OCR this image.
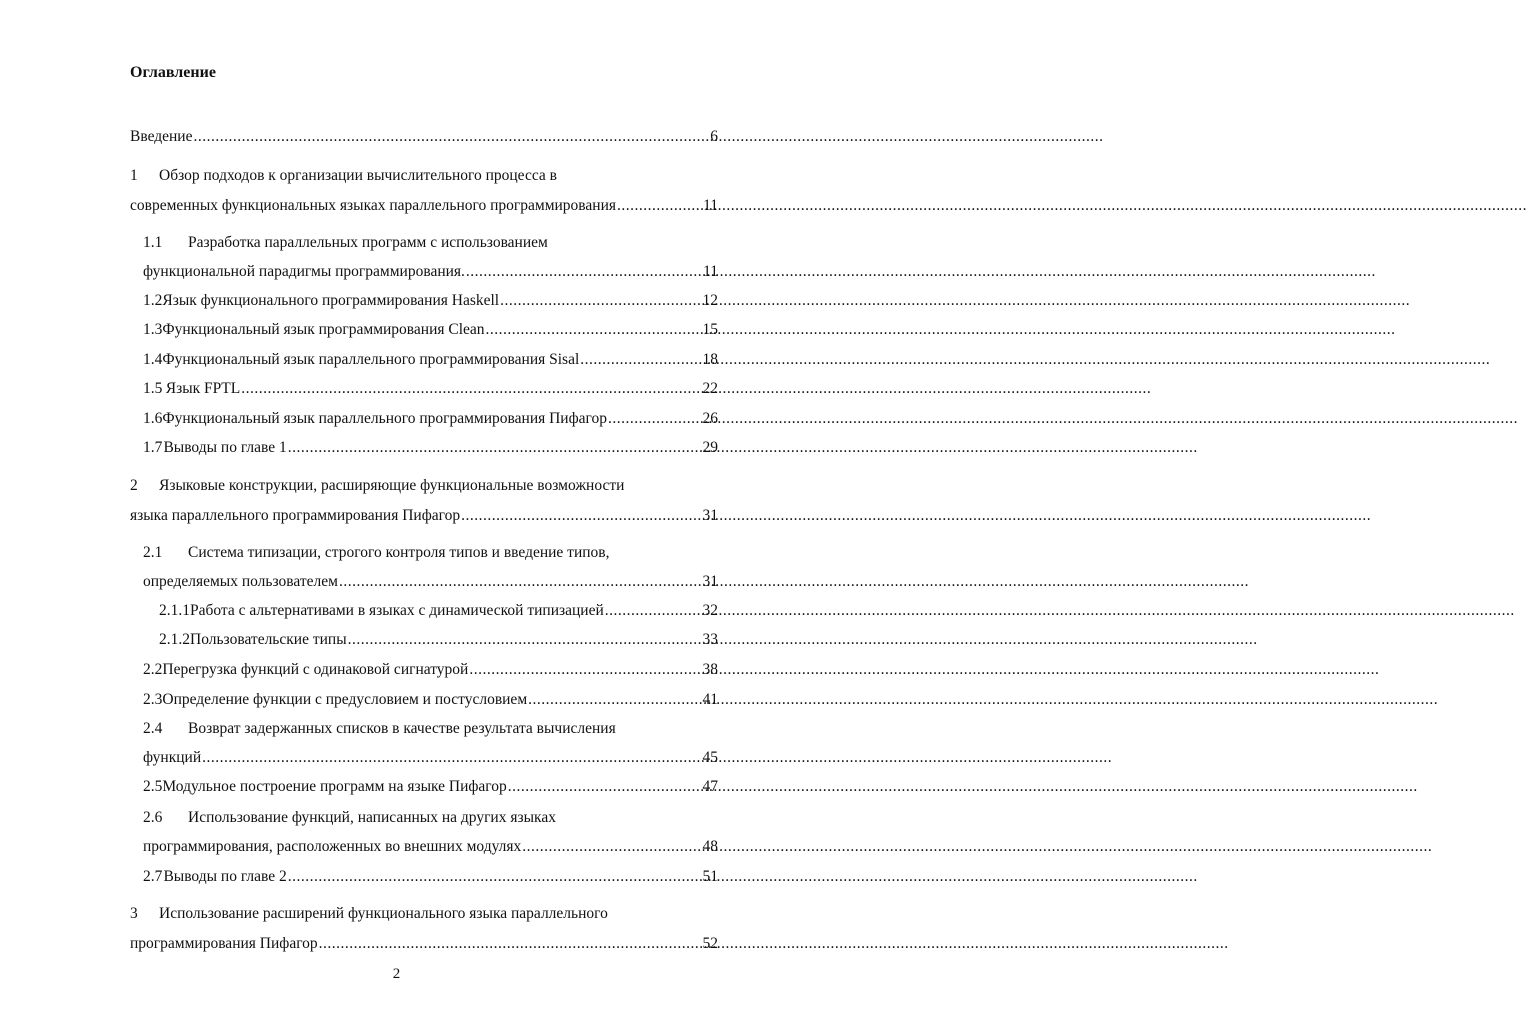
Оглавление
Введение .....	6
1 Обзор подходов к организации вычислительного процесса в
современных функциональных языках параллельного программирования .....	11
1.1 Разработка параллельных программ с использованием
функциональной парадигмы программирования. .....	11
1.2 Язык функционального программирования Haskell .....	12
1.3 Функциональный язык программирования Clean .....	15
1.4 Функциональный язык параллельного программирования Sisal .....	18
1.5 Язык FPTL .....	22
1.6 Функциональный язык параллельного программирования Пифагор .....	26
1.7 Выводы по главе 1 .....	29
2 Языковые конструкции, расширяющие функциональные возможности
языка параллельного программирования Пифагор .....	31
2.1 Система типизации, строгого контроля типов и введение типов,
определяемых пользователем .....	31
2.1.1 Работа с альтернативами в языках с динамической типизацией .....	32
2.1.2 Пользовательские типы .....	33
2.2 Перегрузка функций с одинаковой сигнатурой .....	38
2.3 Определение функции с предусловием и постусловием .....	41
2.4 Возврат задержанных списков в качестве результата вычисления
функций .....	45
2.5 Модульное построение программ на языке Пифагор .....	47
2.6 Использование функций, написанных на других языках
программирования, расположенных во внешних модулях .....	48
2.7 Выводы по главе 2 .....	51
3 Использование расширений функционального языка параллельного
программирования Пифагор .....	52
2
